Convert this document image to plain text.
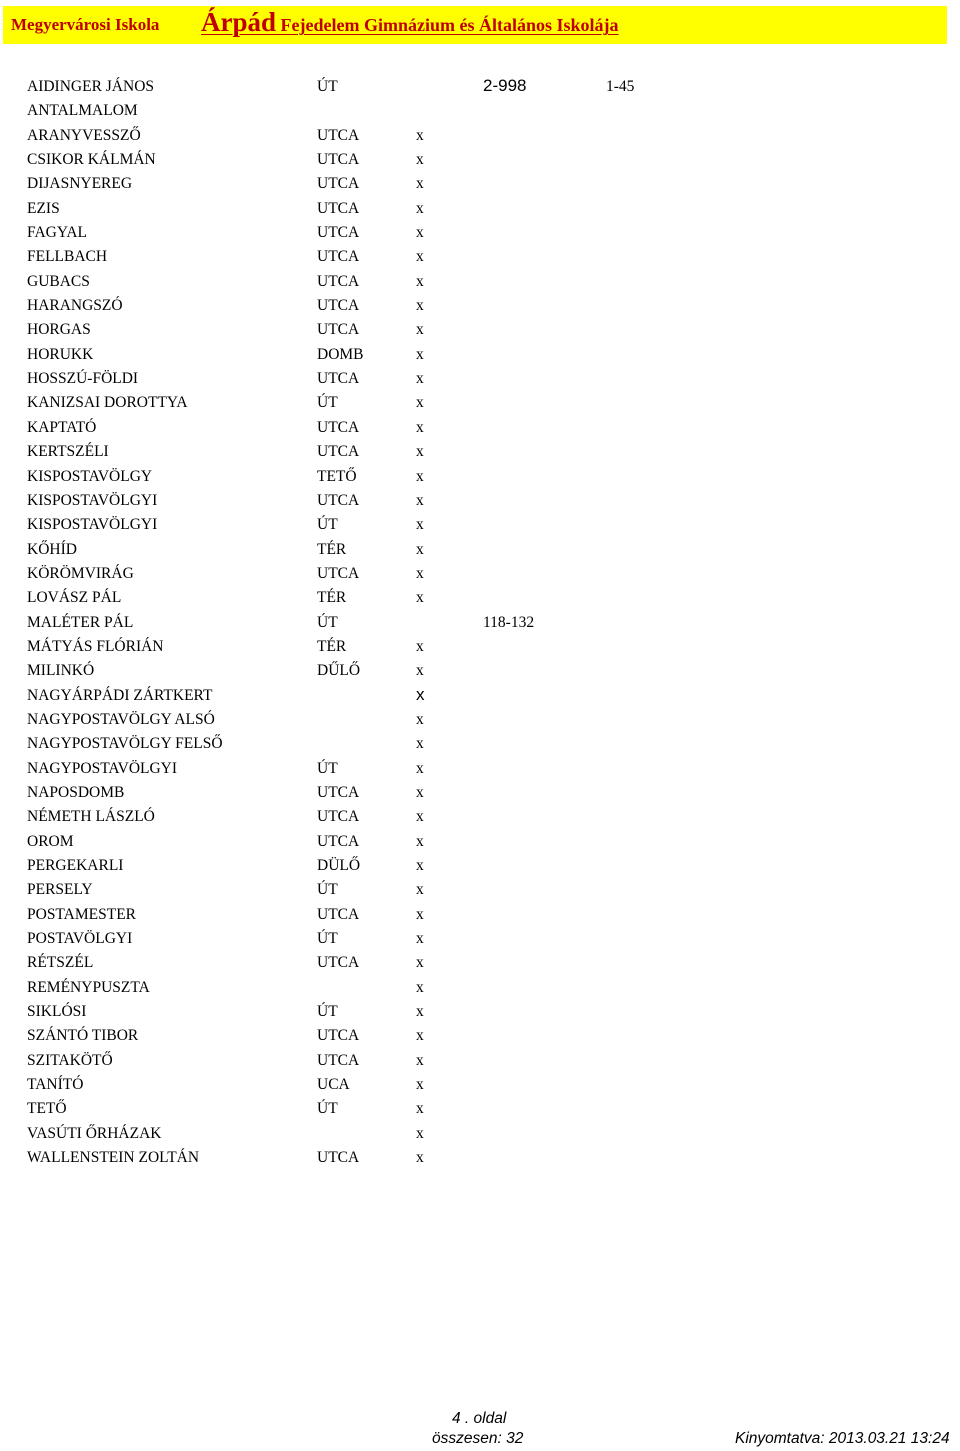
Megyervárosi Iskola Árpád Fejedelem Gimnázium és Általános Iskolája
AIDINGER JÁNOS	ÚT	2-998	1-45
ANTALMALOM
ARANYVESSZŐ	UTCA	x
CSIKOR KÁLMÁN	UTCA	x
DIJASNYEREG	UTCA	x
EZIS	UTCA	x
FAGYAL	UTCA	x
FELLBACH	UTCA	x
GUBACS	UTCA	x
HARANGSZÓ	UTCA	x
HORGAS	UTCA	x
HORUKK	DOMB	x
HOSSZÚ-FÖLDI	UTCA	x
KANIZSAI DOROTTYA	ÚT	x
KAPTATÓ	UTCA	x
KERTSZÉLI	UTCA	x
KISPOSTAVÖLGY	TETŐ	x
KISPOSTAVÖLGYI	UTCA	x
KISPOSTAVÖLGYI	ÚT	x
KŐHÍD	TÉR	x
KÖRÖMVIRÁG	UTCA	x
LOVÁSZ PÁL	TÉR	x
MALÉTER PÁL	ÚT	118-132
MÁTYÁS FLÓRIÁN	TÉR	x
MILINKÓ	DŰLŐ	x
NAGYÁRPÁDI ZÁRTKERT	x
NAGYPOSTAVÖLGY ALSÓ	x
NAGYPOSTAVÖLGY FELSŐ	x
NAGYPOSTAVÖLGYI	ÚT	x
NAPOSDOMB	UTCA	x
NÉMETH LÁSZLÓ	UTCA	x
OROM	UTCA	x
PERGEKARLI	DÜLŐ	x
PERSELY	ÚT	x
POSTAMESTER	UTCA	x
POSTAVÖLGYI	ÚT	x
RÉTSZÉL	UTCA	x
REMÉNYPUSZTA	x
SIKLÓSI	ÚT	x
SZÁNTÓ TIBOR	UTCA	x
SZITAKÖTŐ	UTCA	x
TANÍTÓ	UCA	x
TETŐ	ÚT	x
VASÚTI ŐRHÁZAK	x
WALLENSTEIN ZOLTÁN	UTCA	x
4 . oldal
összesen: 32	Kinyomtatva: 2013.03.21 13:24
